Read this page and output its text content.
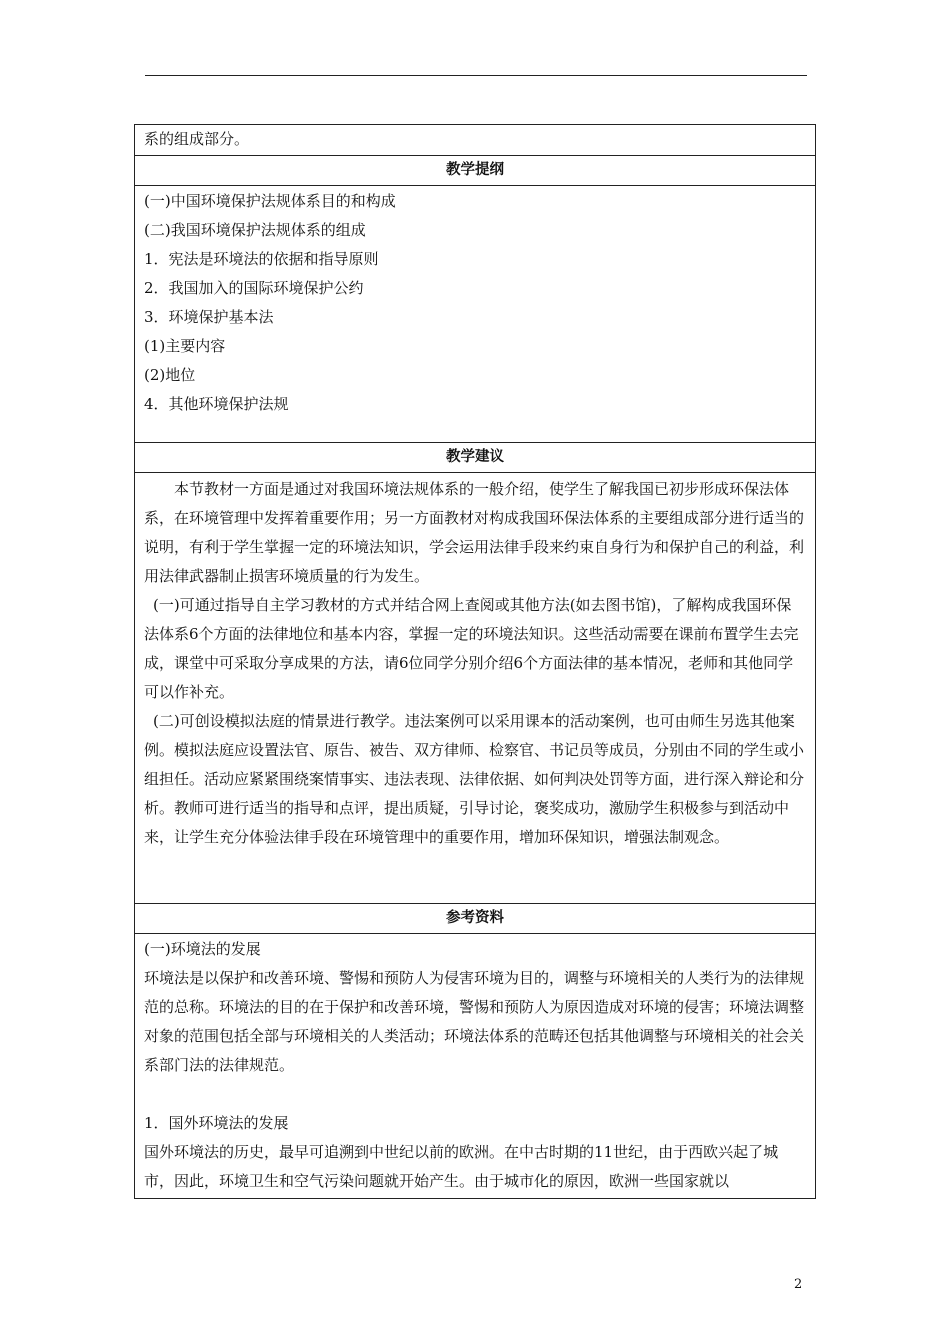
系的组成部分。

教学提纲

(一)中国环境保护法规体系目的和构成

(二)我国环境保护法规体系的组成

1．宪法是环境法的依据和指导原则

2．我国加入的国际环境保护公约

3．环境保护基本法

(1)主要内容

(2)地位

4．其他环境保护法规

教学建议

本节教材一方面是通过对我国环境法规体系的一般介绍，使学生了解我国已初步形成环保法体系，在环境管理中发挥着重要作用；另一方面教材对构成我国环保法体系的主要组成部分进行适当的说明，有利于学生掌握一定的环境法知识，学会运用法律手段来约束自身行为和保护自己的利益，利用法律武器制止损害环境质量的行为发生。

(一)可通过指导自主学习教材的方式并结合网上查阅或其他方法(如去图书馆)，了解构成我国环保法体系6个方面的法律地位和基本内容，掌握一定的环境法知识。这些活动需要在课前布置学生去完成，课堂中可采取分享成果的方法，请6位同学分别介绍6个方面法律的基本情况，老师和其他同学可以作补充。

(二)可创设模拟法庭的情景进行教学。违法案例可以采用课本的活动案例，也可由师生另选其他案例。模拟法庭应设置法官、原告、被告、双方律师、检察官、书记员等成员，分别由不同的学生或小组担任。活动应紧紧围绕案情事实、违法表现、法律依据、如何判决处罚等方面，进行深入辩论和分析。教师可进行适当的指导和点评，提出质疑，引导讨论，褒奖成功，激励学生积极参与到活动中来，让学生充分体验法律手段在环境管理中的重要作用，增加环保知识，增强法制观念。

参考资料

(一)环境法的发展

环境法是以保护和改善环境、警惕和预防人为侵害环境为目的，调整与环境相关的人类行为的法律规范的总称。环境法的目的在于保护和改善环境，警惕和预防人为原因造成对环境的侵害；环境法调整对象的范围包括全部与环境相关的人类活动；环境法体系的范畴还包括其他调整与环境相关的社会关系部门法的法律规范。

1．国外环境法的发展

国外环境法的历史，最早可追溯到中世纪以前的欧洲。在中古时期的11世纪，由于西欧兴起了城市，因此，环境卫生和空气污染问题就开始产生。由于城市化的原因，欧洲一些国家就以

2
